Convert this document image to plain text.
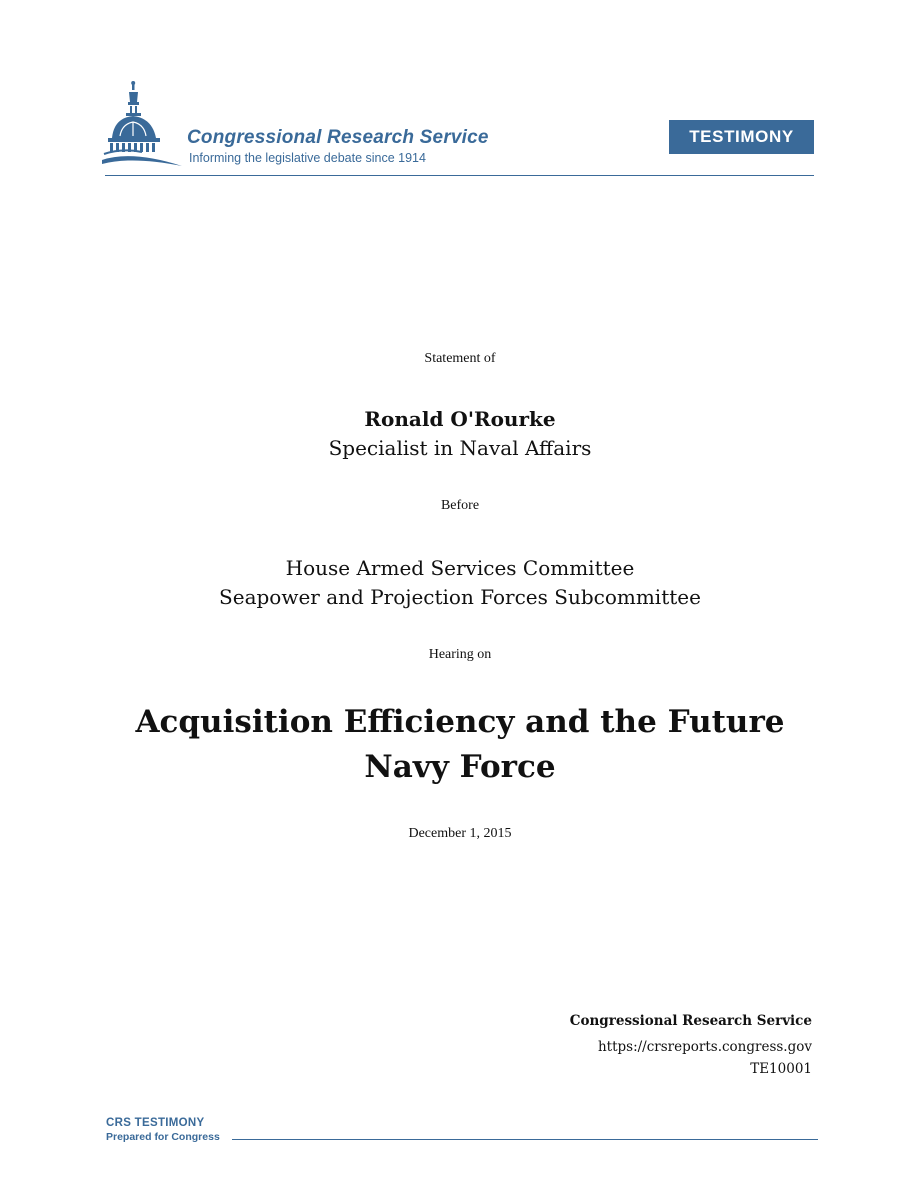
Congressional Research Service
Informing the legislative debate since 1914
TESTIMONY
Statement of
Ronald O'Rourke
Specialist in Naval Affairs
Before
House Armed Services Committee
Seapower and Projection Forces Subcommittee
Hearing on
Acquisition Efficiency and the Future Navy Force
December 1, 2015
Congressional Research Service
https://crsreports.congress.gov
TE10001
CRS TESTIMONY
Prepared for Congress
